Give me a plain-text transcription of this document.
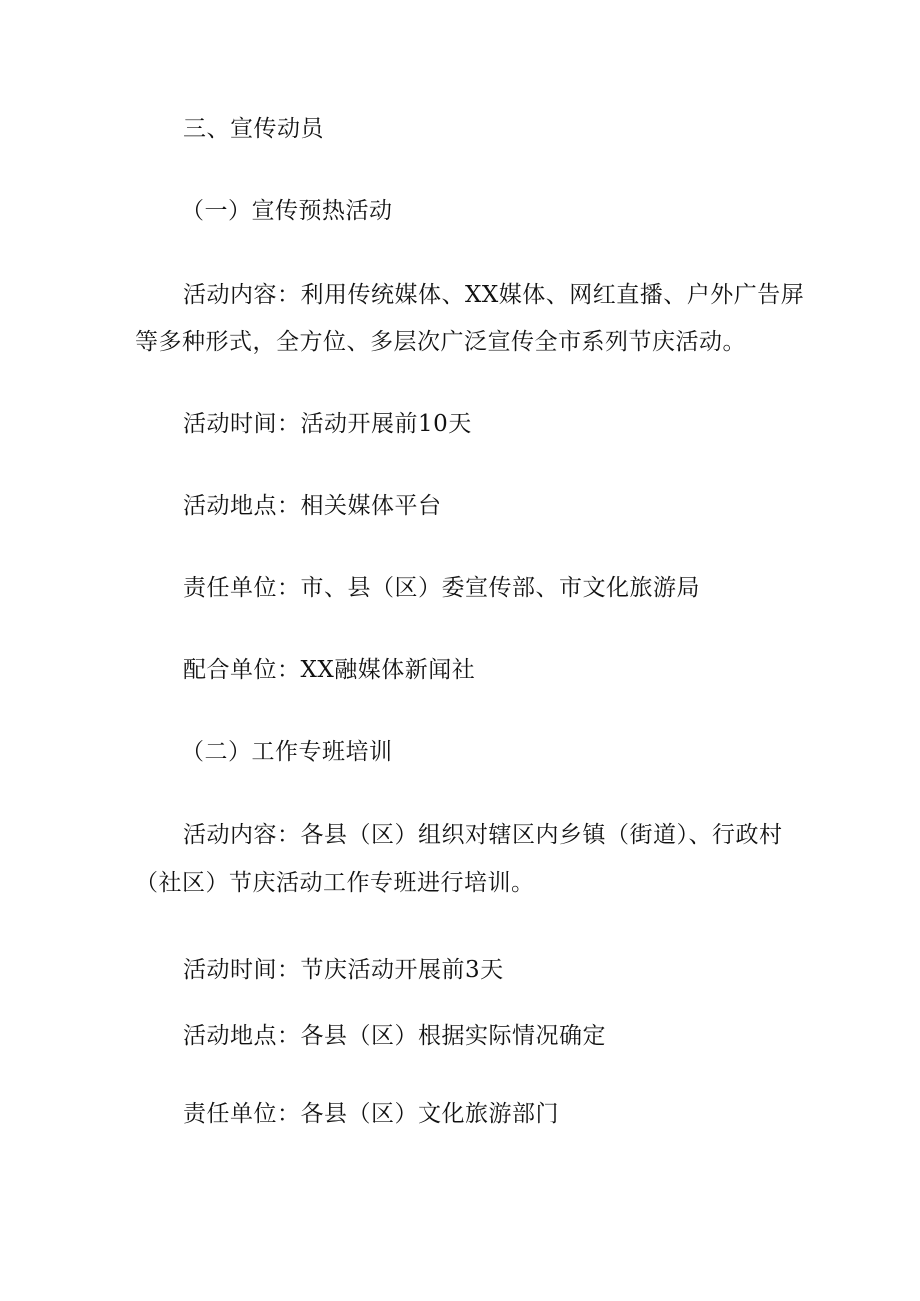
三、宣传动员
（一）宣传预热活动
活动内容：利用传统媒体、XX媒体、网红直播、户外广告屏
等多种形式，全方位、多层次广泛宣传全市系列节庆活动。
活动时间：活动开展前10天
活动地点：相关媒体平台
责任单位：市、县（区）委宣传部、市文化旅游局
配合单位：XX融媒体新闻社
（二）工作专班培训
活动内容：各县（区）组织对辖区内乡镇（街道）、行政村
（社区）节庆活动工作专班进行培训。
活动时间：节庆活动开展前3天
活动地点：各县（区）根据实际情况确定
责任单位：各县（区）文化旅游部门
